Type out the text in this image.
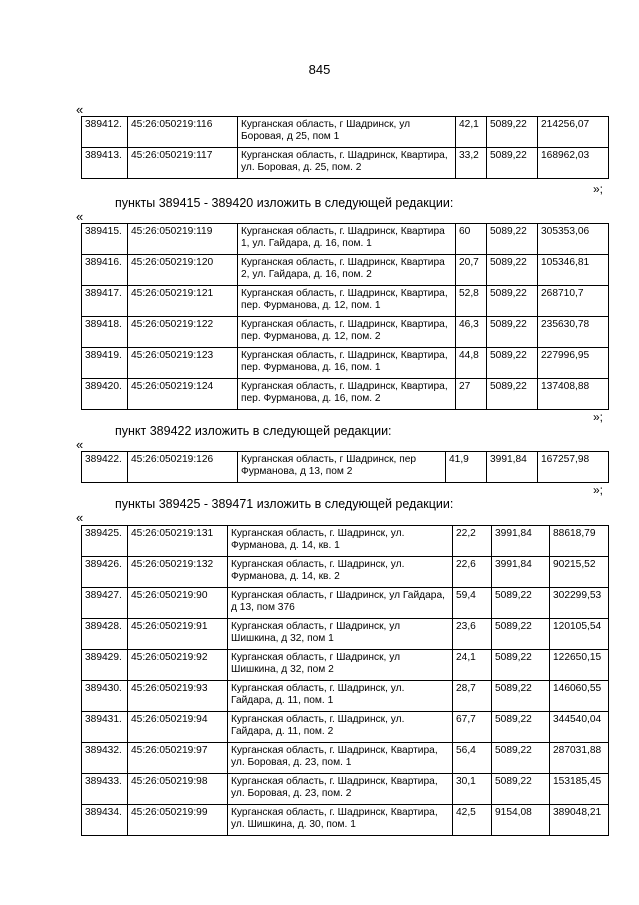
845
«
389412.	45:26:050219:116	Курганская область, г Шадринск, ул Боровая, д 25, пом 1	42,1	5089,22	214256,07
389413.	45:26:050219:117	Курганская область, г. Шадринск, Квартира, ул. Боровая, д. 25, пом. 2	33,2	5089,22	168962,03
»;
пункты 389415 - 389420 изложить в следующей редакции:
«
389415.	45:26:050219:119	Курганская область, г. Шадринск, Квартира 1, ул. Гайдара, д. 16, пом. 1	60	5089,22	305353,06
389416.	45:26:050219:120	Курганская область, г. Шадринск, Квартира 2, ул. Гайдара, д. 16, пом. 2	20,7	5089,22	105346,81
389417.	45:26:050219:121	Курганская область, г. Шадринск, Квартира, пер. Фурманова, д. 12, пом. 1	52,8	5089,22	268710,7
389418.	45:26:050219:122	Курганская область, г. Шадринск, Квартира, пер. Фурманова, д. 12, пом. 2	46,3	5089,22	235630,78
389419.	45:26:050219:123	Курганская область, г. Шадринск, Квартира, пер. Фурманова, д. 16, пом. 1	44,8	5089,22	227996,95
389420.	45:26:050219:124	Курганская область, г. Шадринск, Квартира, пер. Фурманова, д. 16, пом. 2	27	5089,22	137408,88
»;
пункт 389422 изложить в следующей редакции:
«
389422.	45:26:050219:126	Курганская область, г Шадринск, пер Фурманова, д 13, пом 2	41,9	3991,84	167257,98
»;
пункты 389425 - 389471 изложить в следующей редакции:
«
389425.	45:26:050219:131	Курганская область, г. Шадринск, ул. Фурманова, д. 14, кв. 1	22,2	3991,84	88618,79
389426.	45:26:050219:132	Курганская область, г. Шадринск, ул. Фурманова, д. 14, кв. 2	22,6	3991,84	90215,52
389427.	45:26:050219:90	Курганская область, г Шадринск, ул Гайдара, д 13, пом 376	59,4	5089,22	302299,53
389428.	45:26:050219:91	Курганская область, г Шадринск, ул Шишкина, д 32, пом 1	23,6	5089,22	120105,54
389429.	45:26:050219:92	Курганская область, г Шадринск, ул Шишкина, д 32, пом 2	24,1	5089,22	122650,15
389430.	45:26:050219:93	Курганская область, г. Шадринск, ул. Гайдара, д. 11, пом. 1	28,7	5089,22	146060,55
389431.	45:26:050219:94	Курганская область, г. Шадринск, ул. Гайдара, д. 11, пом. 2	67,7	5089,22	344540,04
389432.	45:26:050219:97	Курганская область, г. Шадринск, Квартира, ул. Боровая, д. 23, пом. 1	56,4	5089,22	287031,88
389433.	45:26:050219:98	Курганская область, г. Шадринск, Квартира, ул. Боровая, д. 23, пом. 2	30,1	5089,22	153185,45
389434.	45:26:050219:99	Курганская область, г. Шадринск, Квартира, ул. Шишкина, д. 30, пом. 1	42,5	9154,08	389048,21
